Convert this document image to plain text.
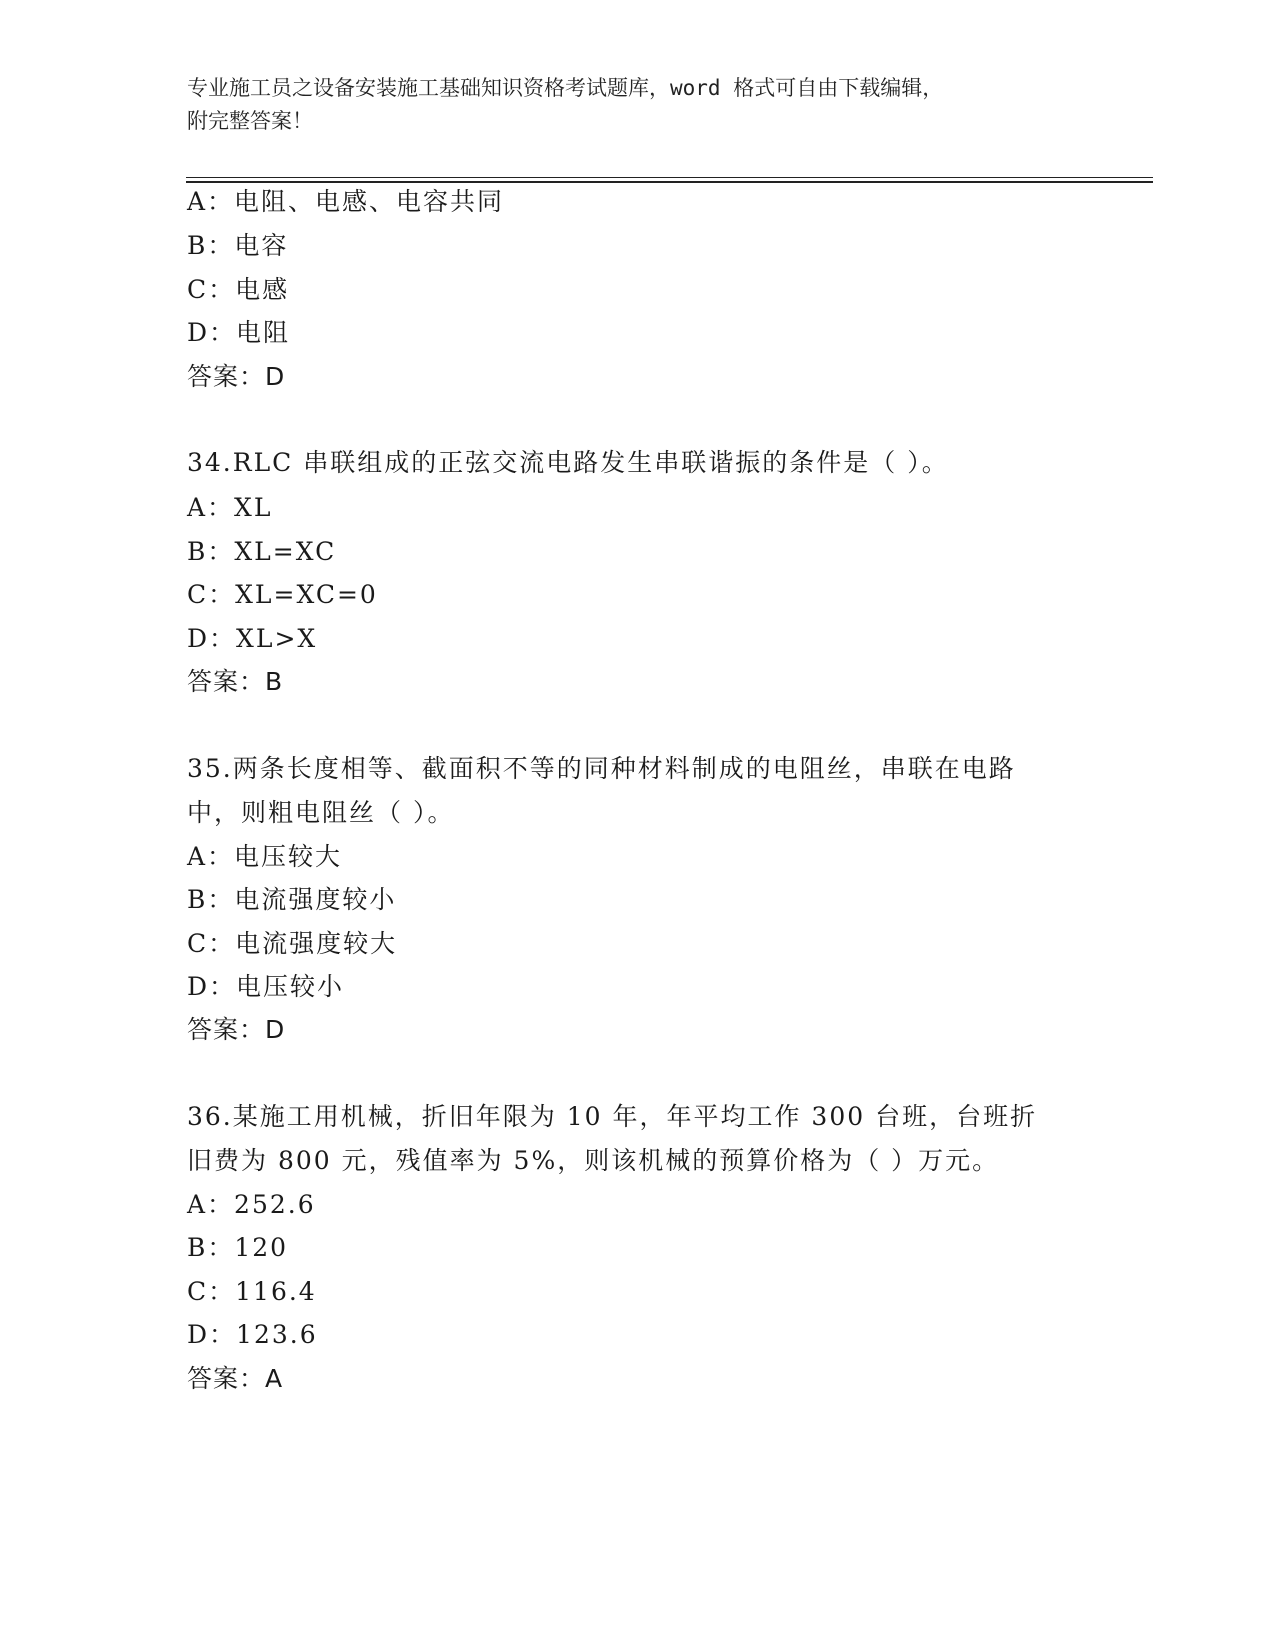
专业施工员之设备安装施工基础知识资格考试题库，word 格式可自由下载编辑，
附完整答案！
A：电阻、电感、电容共同
B：电容
C：电感
D：电阻
答案：D
34.RLC 串联组成的正弦交流电路发生串联谐振的条件是（ ）。
A：XL
B：XL=XC
C：XL=XC=0
D：XL>X
答案：B
35.两条长度相等、截面积不等的同种材料制成的电阻丝，串联在电路
中，则粗电阻丝（ ）。
A：电压较大
B：电流强度较小
C：电流强度较大
D：电压较小
答案：D
36.某施工用机械，折旧年限为 10 年，年平均工作 300 台班，台班折
旧费为 800 元，残值率为 5%，则该机械的预算价格为（ ）万元。
A：252.6
B：120
C：116.4
D：123.6
答案：A
